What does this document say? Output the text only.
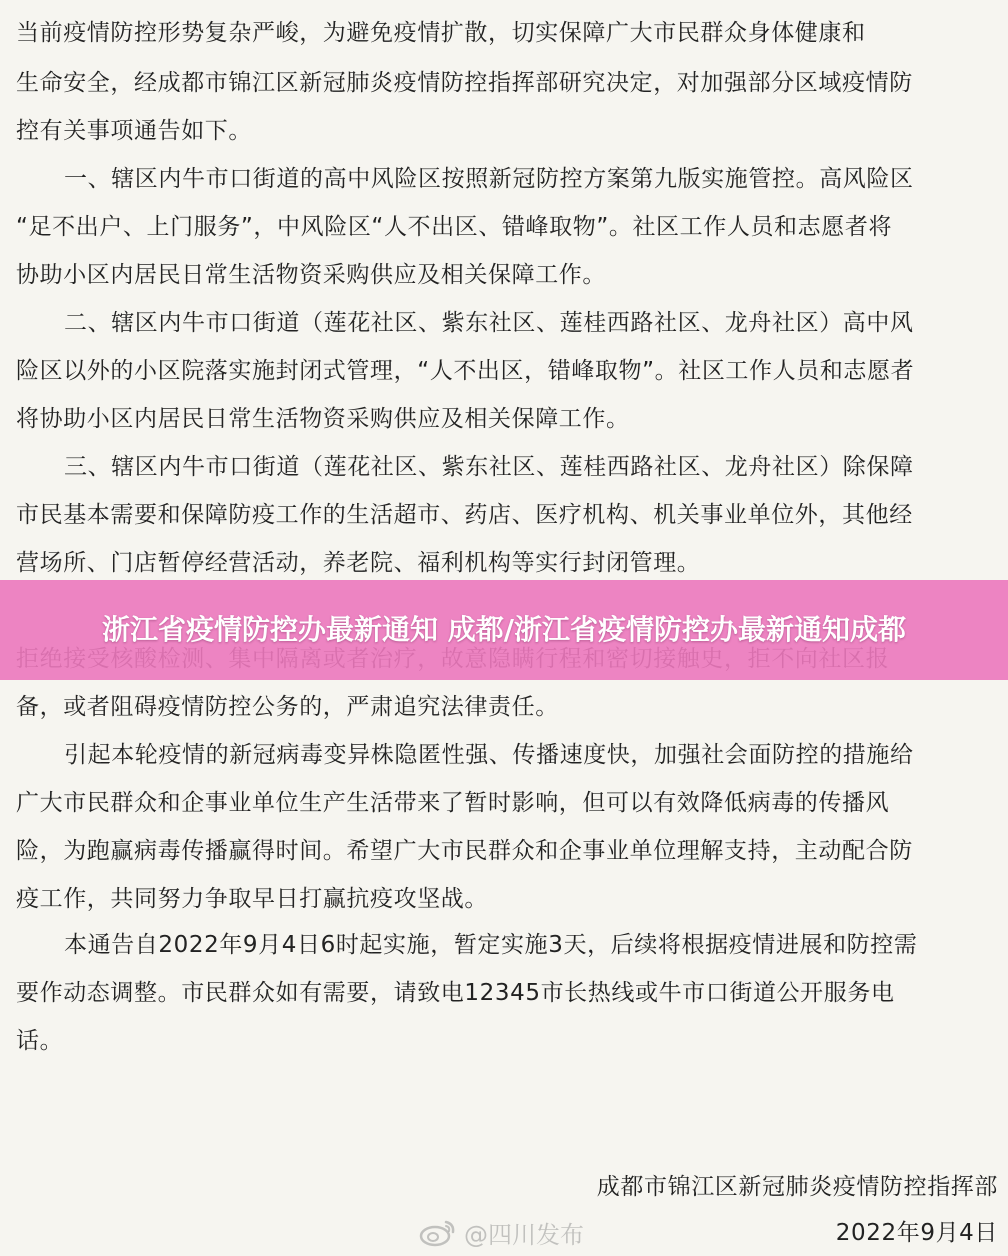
当前疫情防控形势复杂严峻，为避免疫情扩散，切实保障广大市民群众身体健康和
生命安全，经成都市锦江区新冠肺炎疫情防控指挥部研究决定，对加强部分区域疫情防
控有关事项通告如下。
一、辖区内牛市口街道的高中风险区按照新冠防控方案第九版实施管控。高风险区
“足不出户、上门服务”，中风险区“人不出区、错峰取物”。社区工作人员和志愿者将
协助小区内居民日常生活物资采购供应及相关保障工作。
二、辖区内牛市口街道（莲花社区、紫东社区、莲桂西路社区、龙舟社区）高中风
险区以外的小区院落实施封闭式管理，“人不出区，错峰取物”。社区工作人员和志愿者
将协助小区内居民日常生活物资采购供应及相关保障工作。
三、辖区内牛市口街道（莲花社区、紫东社区、莲桂西路社区、龙舟社区）除保障
市民基本需要和保障防疫工作的生活超市、药店、医疗机构、机关事业单位外，其他经
营场所、门店暂停经营活动，养老院、福利机构等实行封闭管理。
备，或者阻碍疫情防控公务的，严肃追究法律责任。
引起本轮疫情的新冠病毒变异株隐匿性强、传播速度快，加强社会面防控的措施给
广大市民群众和企事业单位生产生活带来了暂时影响，但可以有效降低病毒的传播风
险，为跑赢病毒传播赢得时间。希望广大市民群众和企事业单位理解支持，主动配合防
疫工作，共同努力争取早日打赢抗疫攻坚战。
本通告自2022年9月4日6时起实施，暂定实施3天，后续将根据疫情进展和防控需
要作动态调整。市民群众如有需要，请致电12345市长热线或牛市口街道公开服务电
话。
成都市锦江区新冠肺炎疫情防控指挥部
2022年9月4日
@四川发布
浙江省疫情防控办最新通知 成都/浙江省疫情防控办最新通知成都
